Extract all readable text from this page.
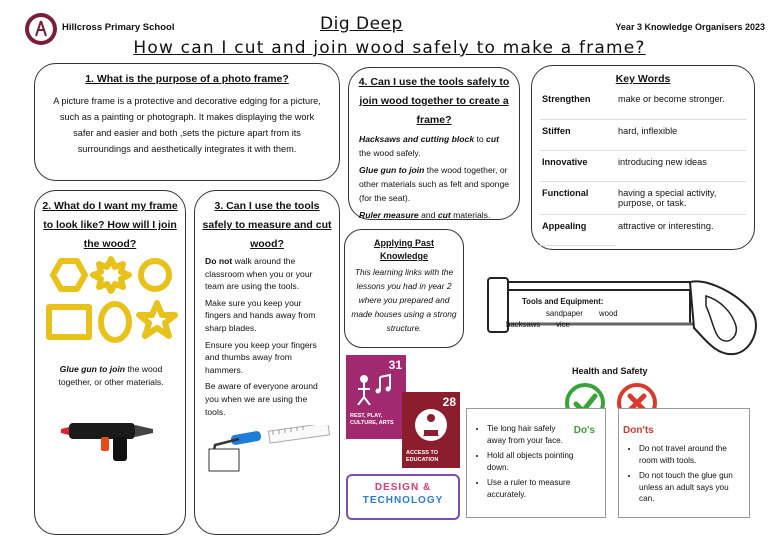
Hillcross Primary School	Dig Deep	Year 3 Knowledge Organisers 2023
How can I cut and join wood safely to make a frame?
1. What is the purpose of a photo frame?
A picture frame is a protective and decorative edging for a picture, such as a painting or photograph. It makes displaying the work safer and easier and both ,sets the picture apart from its surroundings and aesthetically integrates it with them.
4. Can I use the tools safely to join wood together to create a frame?
Hacksaws and cutting block to cut the wood safely.
Glue gun to join the wood together, or other materials such as felt and sponge (for the seat).
Ruler measure and cut materials.
Key Words
Strengthen	make or become stronger.
Stiffen	hard, inflexible
Innovative	introducing new ideas
Functional	having a special activity, purpose, or task.
Appealing	attractive or interesting.
2. What do I want my frame to look like? How will I join the wood?
Glue gun to join the wood together, or other materials.
3. Can I use the tools safely to measure and cut wood?
Do not walk around the classroom when you or your team are using the tools.
Make sure you keep your fingers and hands away from sharp blades.
Ensure you keep your fingers and thumbs away from hammers.
Be aware of everyone around you when we are using the tools.
Applying Past Knowledge
This learning links with the lessons you had in year 2 where you prepared and made houses using a strong structure.
Tools and Equipment:
sandpaper wood
hacksaws vice
31
REST, PLAY, CULTURE, ARTS
28
ACCESS TO EDUCATION
DESIGN &
TECHNOLOGY
Health and Safety
Do's
• Tie long hair safely away from your face.
• Hold all objects pointing down.
• Use a ruler to measure accurately.
Don'ts
• Do not travel around the room with tools.
• Do not touch the glue gun unless an adult says you can.
